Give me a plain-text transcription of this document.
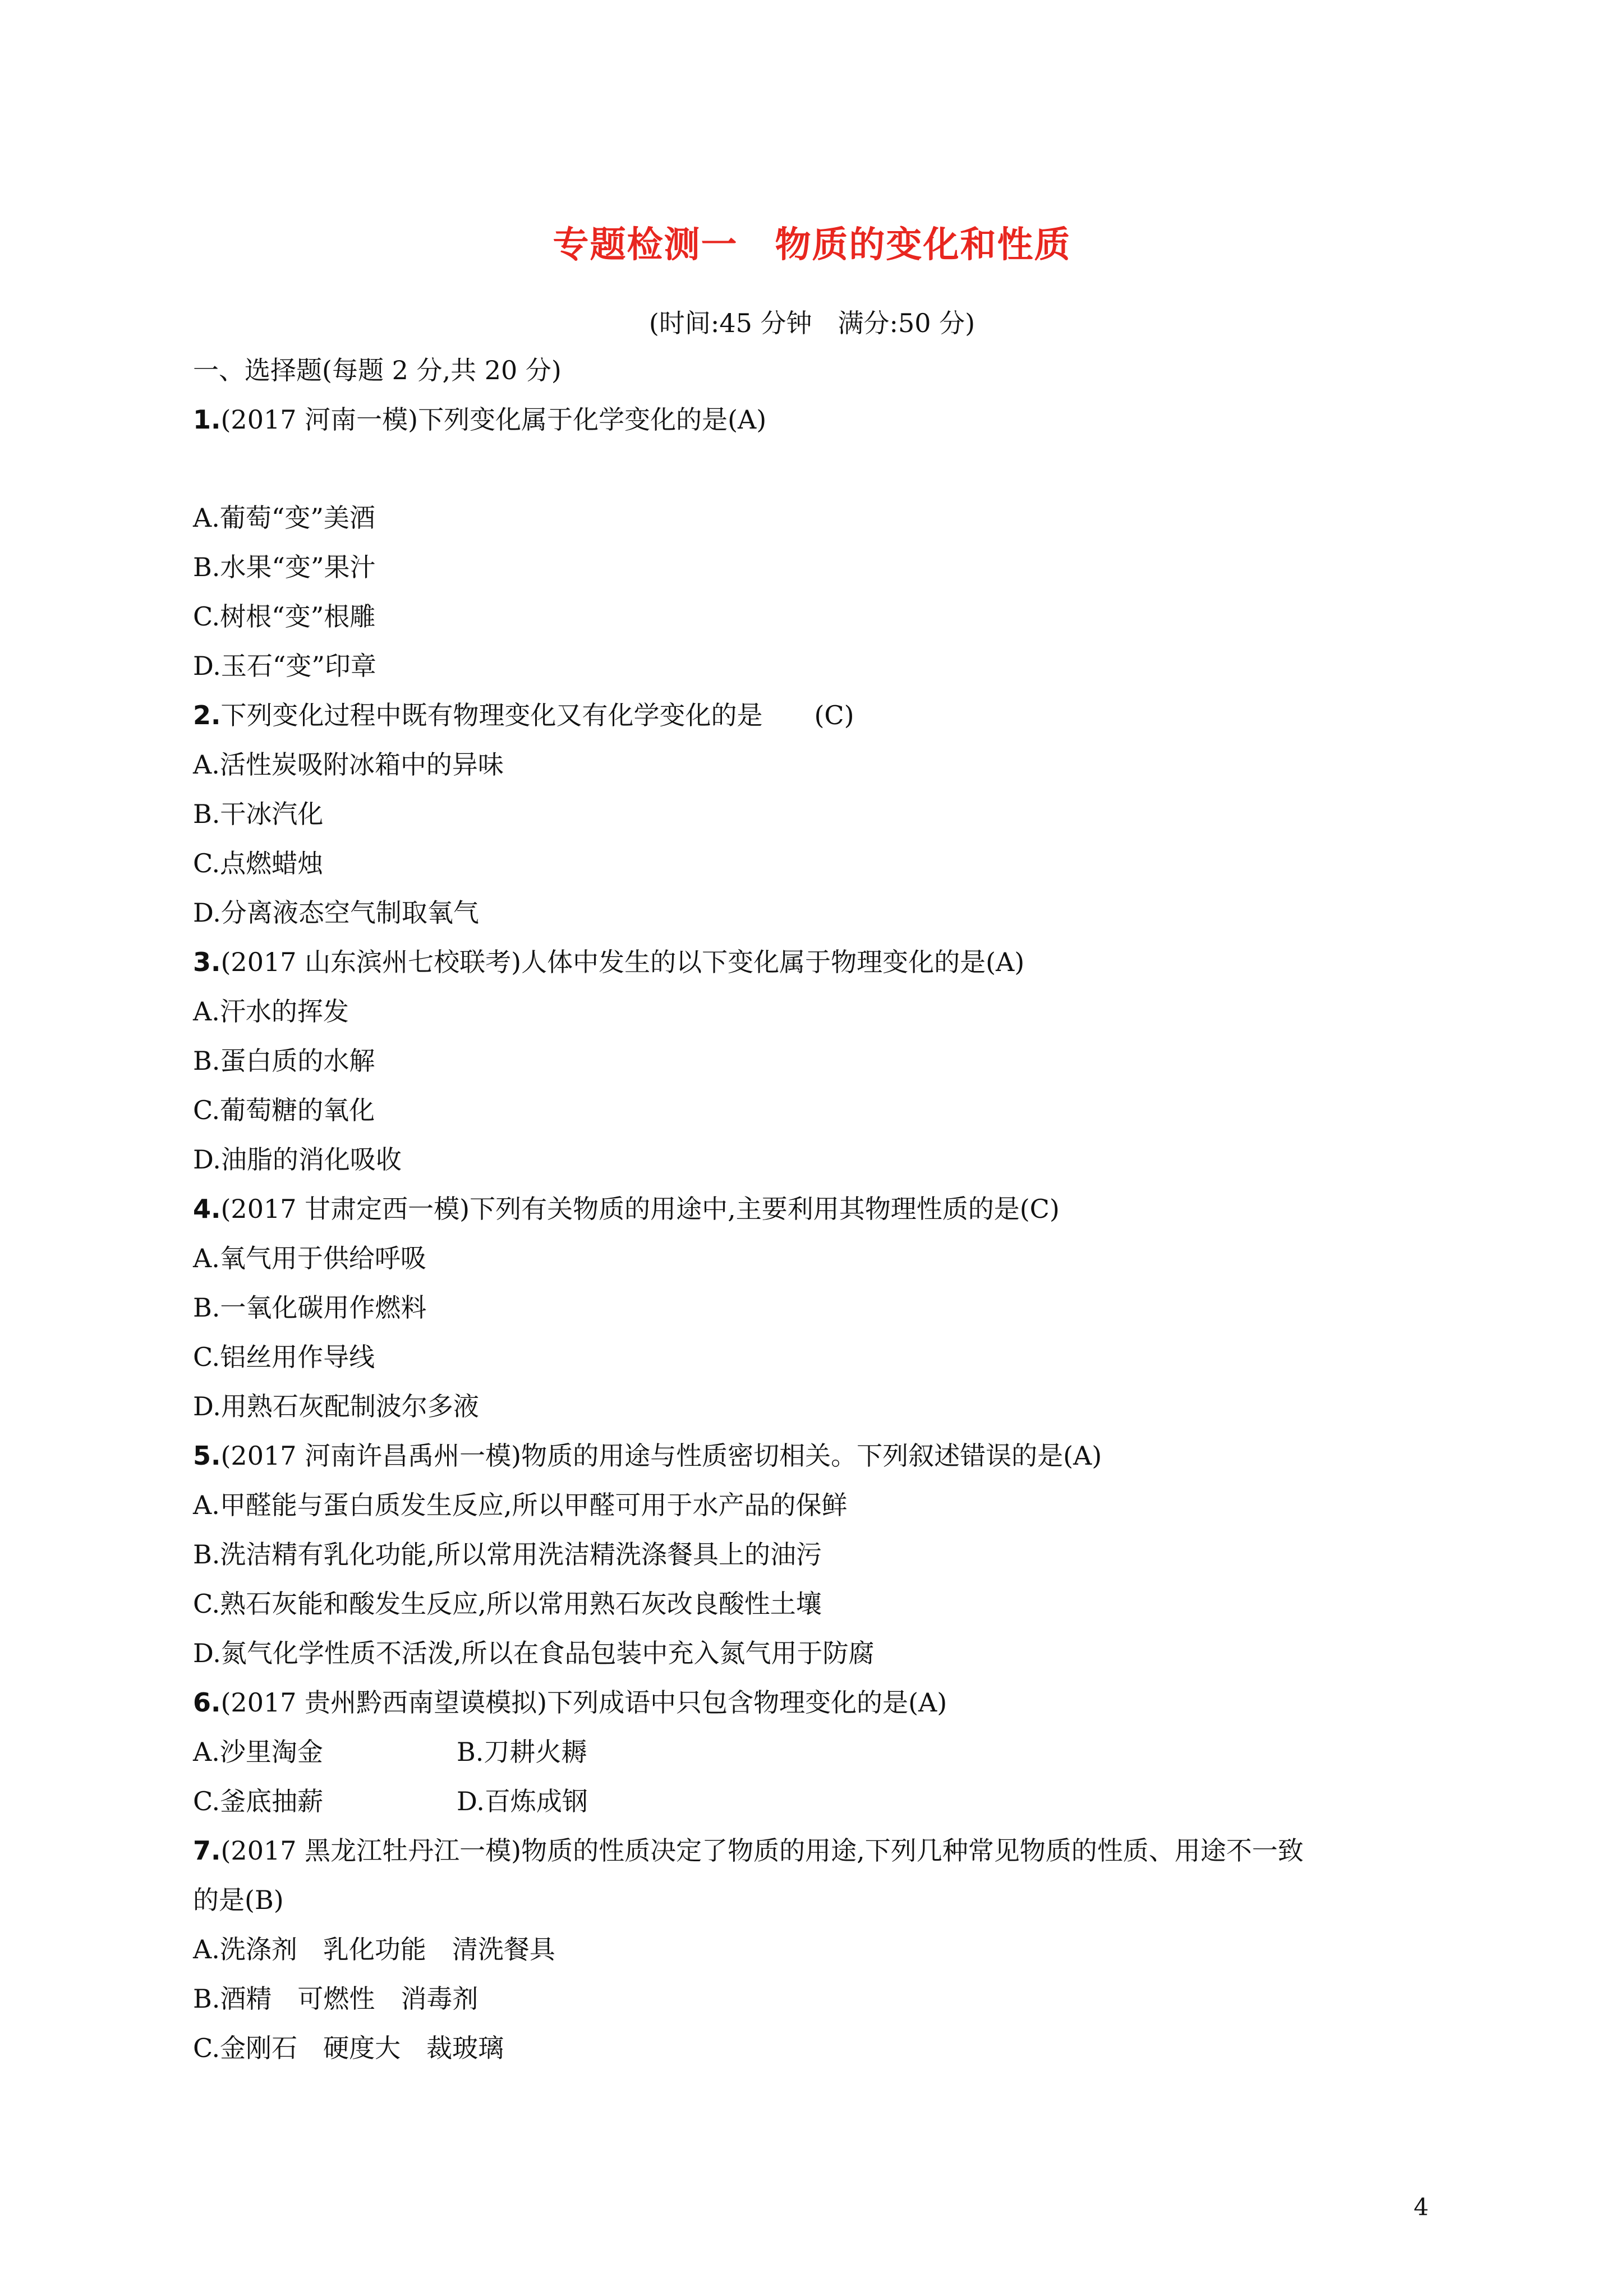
专题检测一　物质的变化和性质
(时间:45 分钟　满分:50 分)
一、选择题(每题 2 分,共 20 分)
1.(2017 河南一模)下列变化属于化学变化的是(A)
A.葡萄“变”美酒
B.水果“变”果汁
C.树根“变”根雕
D.玉石“变”印章
2.下列变化过程中既有物理变化又有化学变化的是　　(C)
A.活性炭吸附冰箱中的异味
B.干冰汽化
C.点燃蜡烛
D.分离液态空气制取氧气
3.(2017 山东滨州七校联考)人体中发生的以下变化属于物理变化的是(A)
A.汗水的挥发
B.蛋白质的水解
C.葡萄糖的氧化
D.油脂的消化吸收
4.(2017 甘肃定西一模)下列有关物质的用途中,主要利用其物理性质的是(C)
A.氧气用于供给呼吸
B.一氧化碳用作燃料
C.铝丝用作导线
D.用熟石灰配制波尔多液
5.(2017 河南许昌禹州一模)物质的用途与性质密切相关。下列叙述错误的是(A)
A.甲醛能与蛋白质发生反应,所以甲醛可用于水产品的保鲜
B.洗洁精有乳化功能,所以常用洗洁精洗涤餐具上的油污
C.熟石灰能和酸发生反应,所以常用熟石灰改良酸性土壤
D.氮气化学性质不活泼,所以在食品包装中充入氮气用于防腐
6.(2017 贵州黔西南望谟模拟)下列成语中只包含物理变化的是(A)
A.沙里淘金	B.刀耕火耨
C.釜底抽薪	D.百炼成钢
7.(2017 黑龙江牡丹江一模)物质的性质决定了物质的用途,下列几种常见物质的性质、用途不一致
的是(B)
A.洗涤剂　乳化功能　清洗餐具
B.酒精　可燃性　消毒剂
C.金刚石　硬度大　裁玻璃
4
